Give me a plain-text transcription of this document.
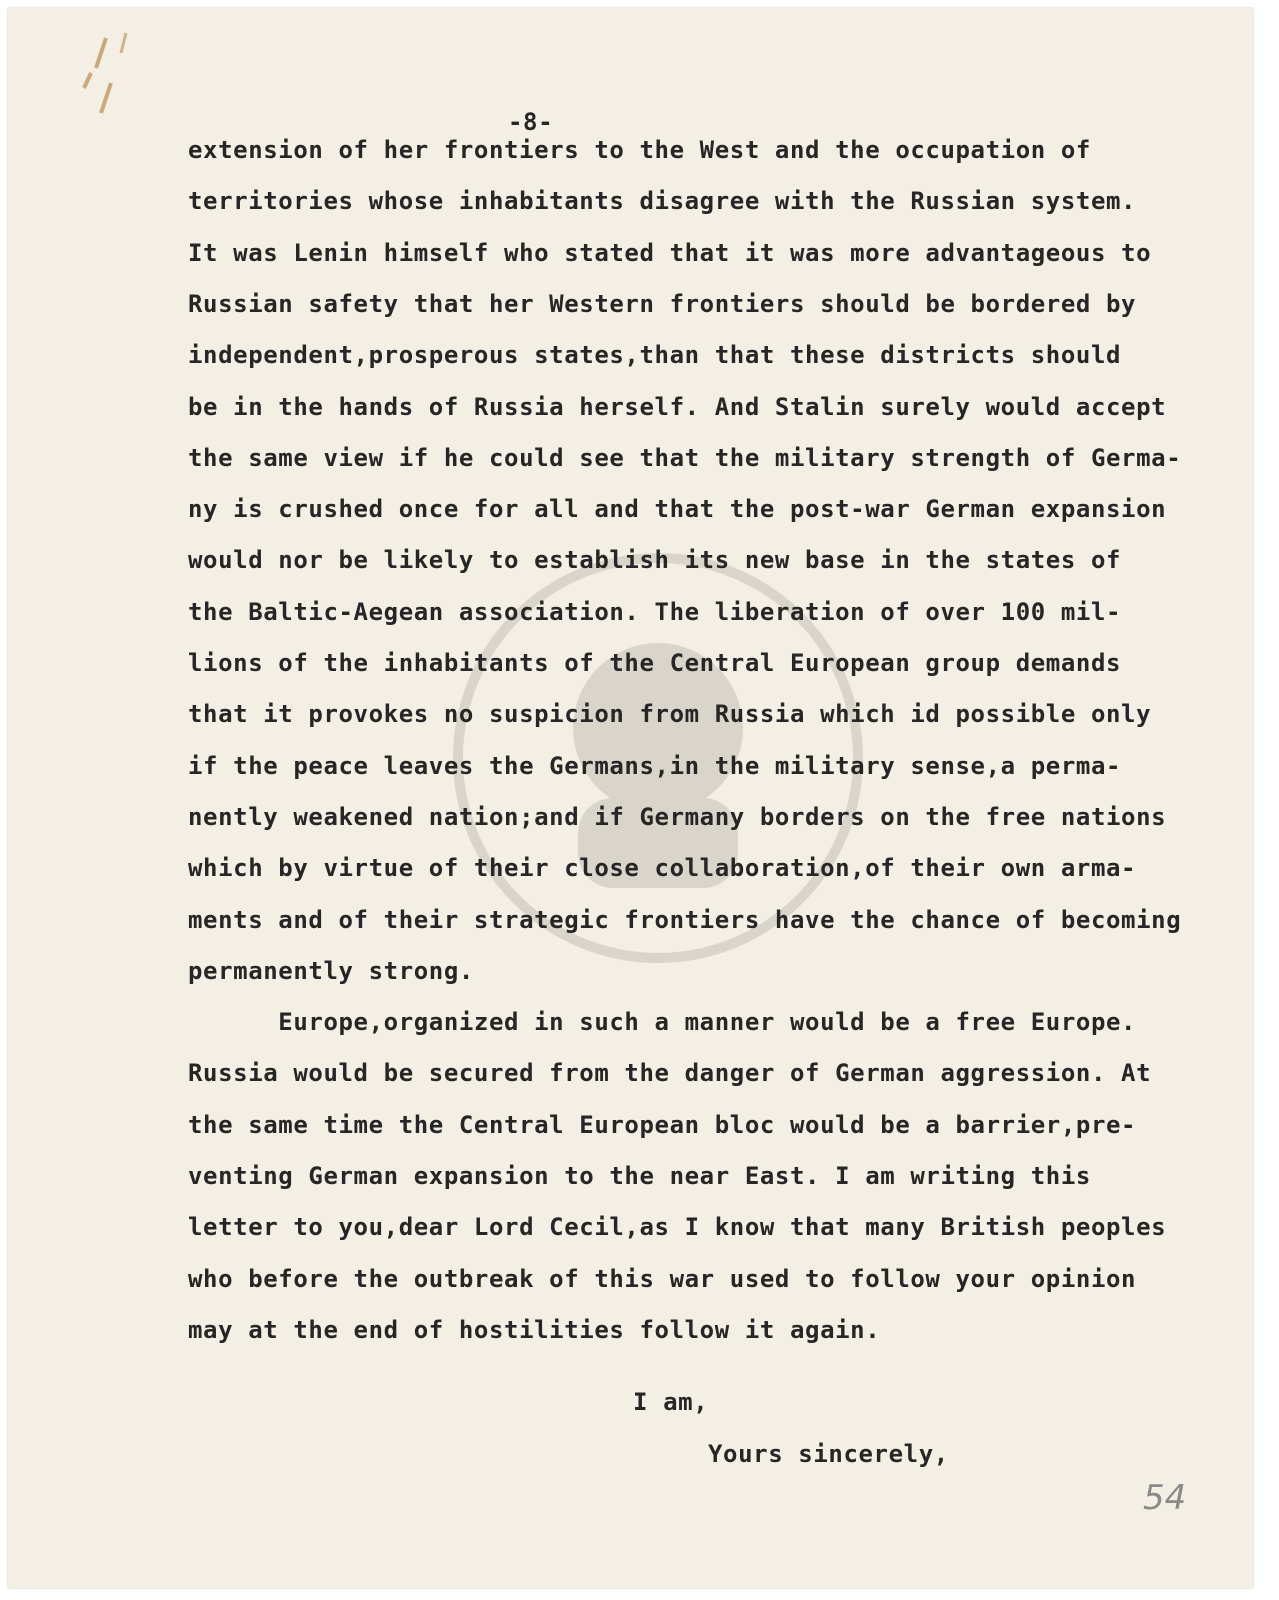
-8-
extension of her frontiers to the West and the occupation of
territories whose inhabitants disagree with the Russian system.
It was Lenin himself who stated that it was more advantageous to
Russian safety that her Western frontiers should be bordered by
independent,prosperous states,than that these districts should
be in the hands of Russia herself. And Stalin surely would accept
the same view if he could see that the military strength of Germa-
ny is crushed once for all and that the post-war German expansion
would nor be likely to establish its new base in the states of
the Baltic-Aegean association. The liberation of over 100 mil-
lions of the inhabitants of the Central European group demands
that it provokes no suspicion from Russia which id possible only
if the peace leaves the Germans,in the military sense,a perma-
nently weakened nation;and if Germany borders on the free nations
which by virtue of their close collaboration,of their own arma-
ments and of their strategic frontiers have the chance of becoming
permanently strong.
Europe,organized in such a manner would be a free Europe.
Russia would be secured from the danger of German aggression. At
the same time the Central European bloc would be a barrier,pre-
venting German expansion to the near East. I am writing this
letter to you,dear Lord Cecil,as I know that many British peoples
who before the outbreak of this war used to follow your opinion
may at the end of hostilities follow it again.
I am,
Yours sincerely,
54
